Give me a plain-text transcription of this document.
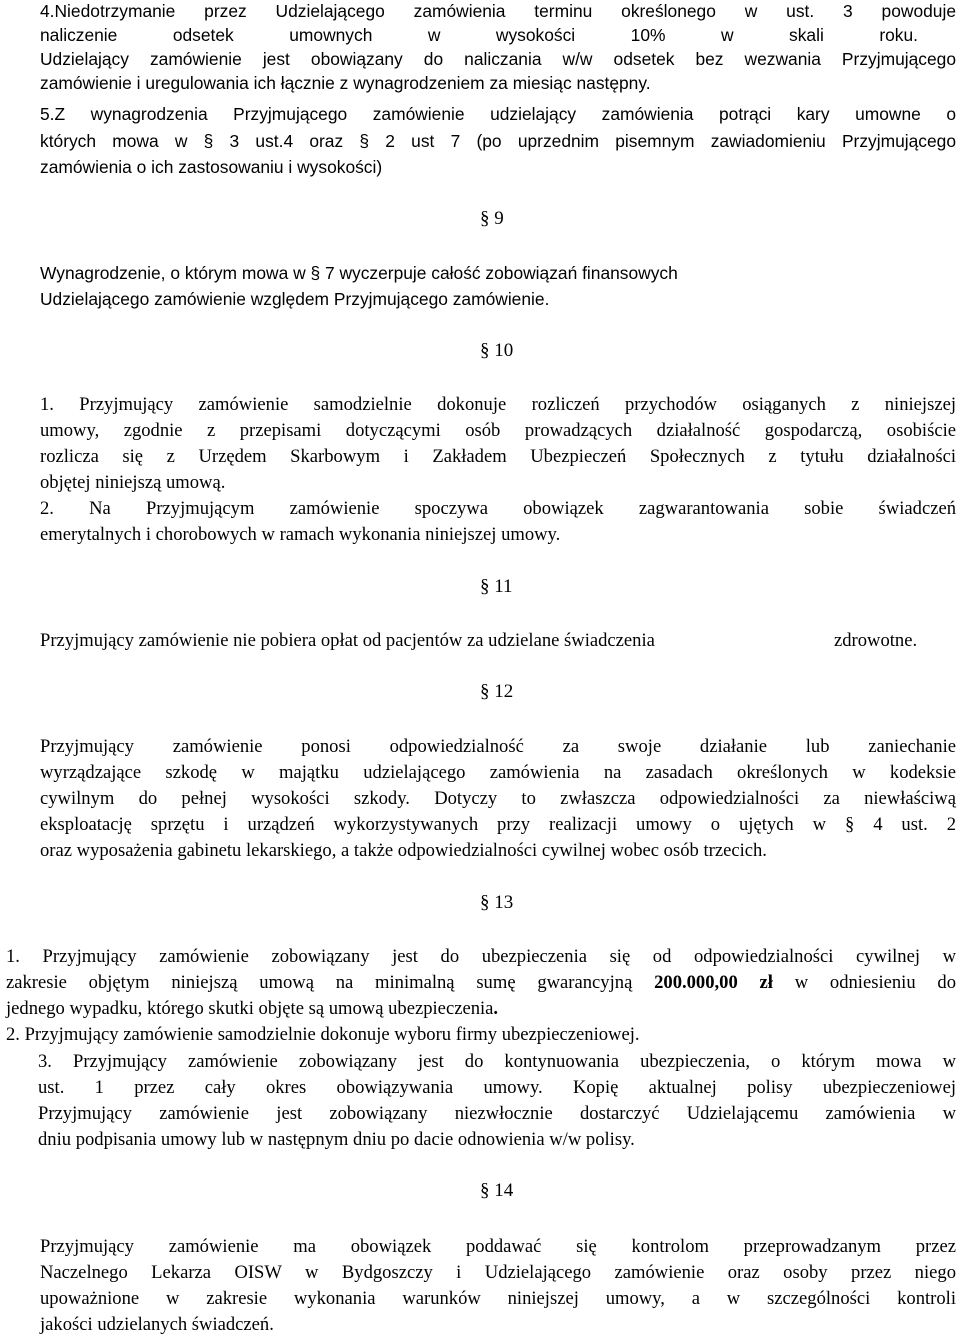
4.Niedotrzymanie przez Udzielającego zamówienia terminu określonego w ust. 3 powoduje
naliczenie odsetek umownych w wysokości 10% w skali roku.
Udzielający zamówienie jest obowiązany do naliczania w/w odsetek bez wezwania Przyjmującego
zamówienie i uregulowania ich łącznie z wynagrodzeniem za miesiąc następny.
5.Z wynagrodzenia Przyjmującego zamówienie udzielający zamówienia potrąci kary umowne o
których mowa w § 3 ust.4 oraz § 2 ust 7 (po uprzednim pisemnym zawiadomieniu Przyjmującego
zamówienia o ich zastosowaniu i wysokości)
§ 9
Wynagrodzenie, o którym mowa w § 7 wyczerpuje całość zobowiązań finansowych
Udzielającego zamówienie względem Przyjmującego zamówienie.
§ 10
1. Przyjmujący zamówienie samodzielnie dokonuje rozliczeń przychodów osiąganych z niniejszej
umowy, zgodnie z przepisami dotyczącymi osób prowadzących działalność gospodarczą, osobiście
rozlicza się z Urzędem Skarbowym i Zakładem Ubezpieczeń Społecznych z tytułu działalności
objętej niniejszą umową.
2. Na Przyjmującym zamówienie spoczywa obowiązek zagwarantowania sobie świadczeń
emerytalnych i chorobowych w ramach wykonania niniejszej umowy.
§ 11
Przyjmujący zamówienie nie pobiera opłat od pacjentów za udzielane świadczenia	zdrowotne.
§ 12
Przyjmujący zamówienie ponosi odpowiedzialność za swoje działanie lub zaniechanie
wyrządzające szkodę w majątku udzielającego zamówienia na zasadach określonych w kodeksie
cywilnym do pełnej wysokości szkody. Dotyczy to zwłaszcza odpowiedzialności za niewłaściwą
eksploatację sprzętu i urządzeń wykorzystywanych przy realizacji umowy o ujętych w § 4 ust. 2
oraz wyposażenia gabinetu lekarskiego, a także odpowiedzialności cywilnej wobec osób trzecich.
§ 13
1. Przyjmujący zamówienie zobowiązany jest do ubezpieczenia się od odpowiedzialności cywilnej w
zakresie objętym niniejszą umową na minimalną sumę gwarancyjną 200.000,00 zł w odniesieniu do
jednego wypadku, którego skutki objęte są umową ubezpieczenia.
2. Przyjmujący zamówienie samodzielnie dokonuje wyboru firmy ubezpieczeniowej.
3. Przyjmujący zamówienie zobowiązany jest do kontynuowania ubezpieczenia, o którym mowa w
ust. 1 przez cały okres obowiązywania umowy. Kopię aktualnej polisy ubezpieczeniowej
Przyjmujący zamówienie jest zobowiązany niezwłocznie dostarczyć Udzielającemu zamówienia w
dniu podpisania umowy lub w następnym dniu po dacie odnowienia w/w polisy.
§ 14
Przyjmujący zamówienie ma obowiązek poddawać się kontrolom przeprowadzanym przez
Naczelnego Lekarza OISW w Bydgoszczy i Udzielającego zamówienie oraz osoby przez niego
upoważnione w zakresie wykonania warunków niniejszej umowy, a w szczególności kontroli
jakości udzielanych świadczeń.
